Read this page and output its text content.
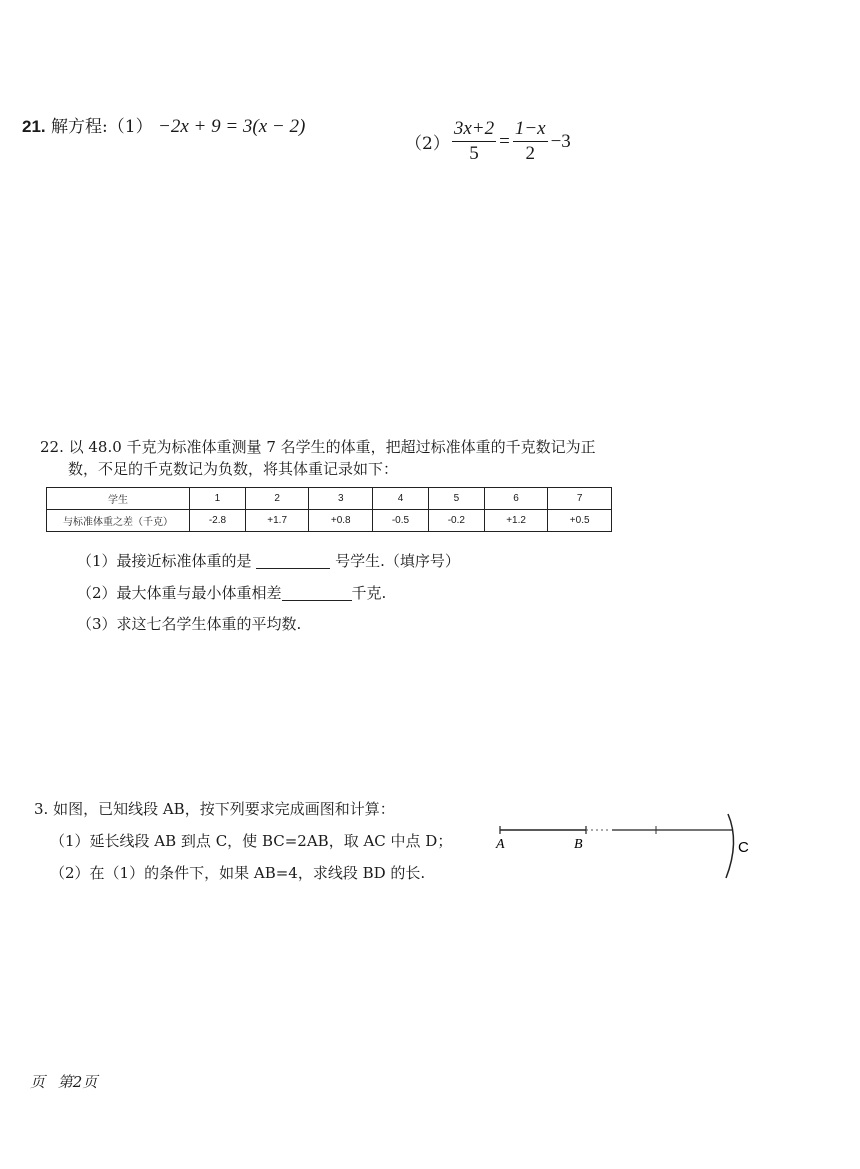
21. 解方程:（1） −2x + 9 = 3(x − 2)
$(2) \frac{3x+2}{5} = \frac{1-x}{2} -3$
22. 以 48.0 千克为标准体重测量 7 名学生的体重，把超过标准体重的千克数记为正
数，不足的千克数记为负数，将其体重记录如下：
学生	1	2	3	4	5	6	7
与标准体重之差（千克）	-2.8	+1.7	+0.8	-0.5	-0.2	+1.2	+0.5
（1）最接近标准体重的是	号学生.（填序号）
（2）最大体重与最小体重相差	千克.
（3）求这七名学生体重的平均数.
3. 如图，已知线段 AB，按下列要求完成画图和计算：
（1）延长线段 AB 到点 C，使 BC=2AB，取 AC 中点 D；
（2）在（1）的条件下，如果 AB=4，求线段 BD 的长.
A	B	C
页 第2页
